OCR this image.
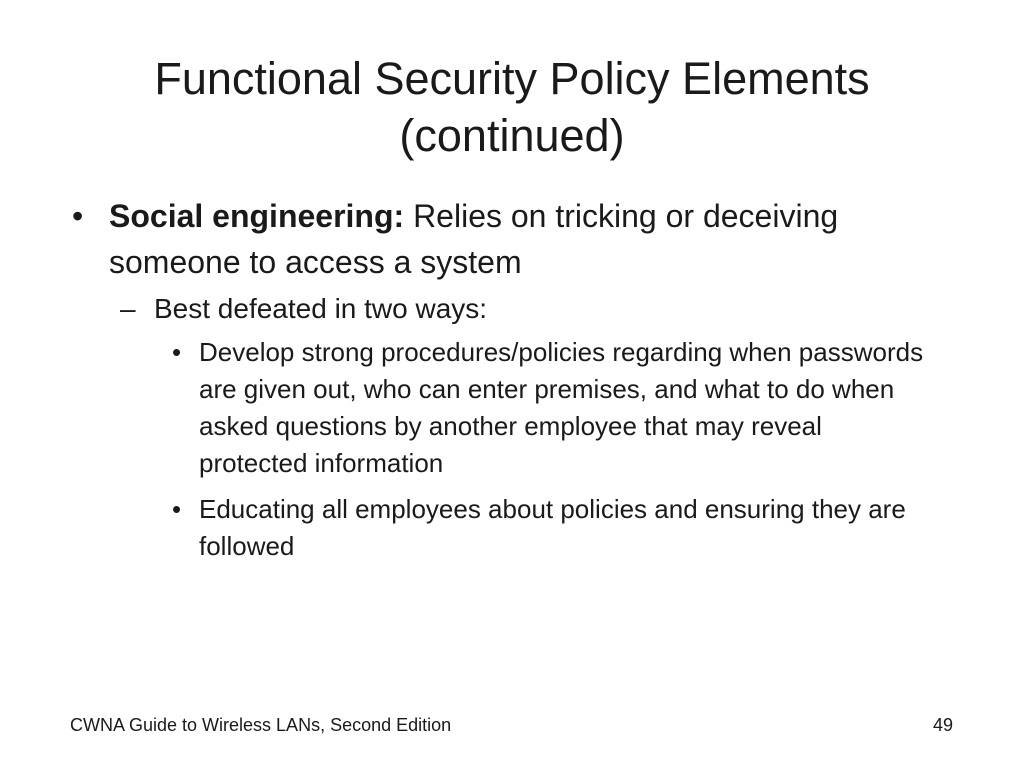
Functional Security Policy Elements
(continued)
• Social engineering: Relies on tricking or deceiving someone to access a system
– Best defeated in two ways:
• Develop strong procedures/policies regarding when passwords are given out, who can enter premises, and what to do when asked questions by another employee that may reveal protected information
• Educating all employees about policies and ensuring they are followed
CWNA Guide to Wireless LANs, Second Edition	49
